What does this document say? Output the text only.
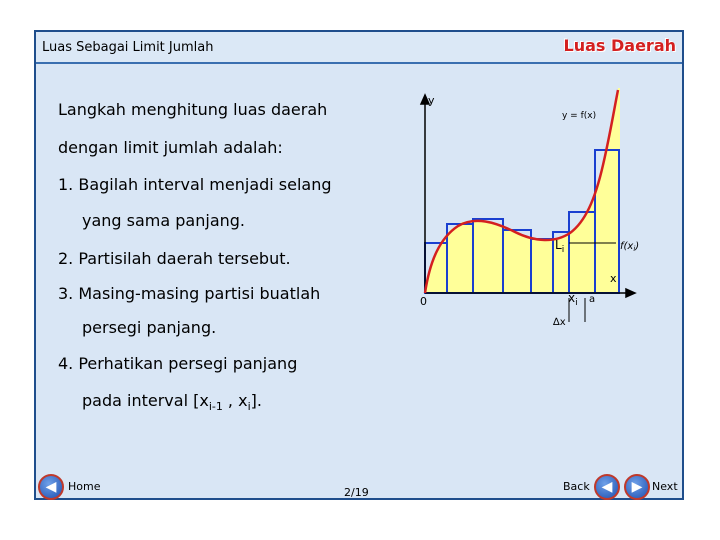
Luas Sebagai Limit Jumlah	Luas Daerah
Langkah menghitung luas daerah
dengan limit jumlah adalah:
1. Bagilah interval menjadi selang
yang sama panjang.
2. Partisilah daerah tersebut.
3. Masing-masing partisi buatlah
persegi panjang.
4. Perhatikan persegi panjang
pada interval [$x_{i-1}$ , $x_i$].
y
x
0
y = f(x)
$L_i$	$f(x_i)$
$x_i$ a
∆x
◀ Home	2/19	Back ◀ ▶ Next
